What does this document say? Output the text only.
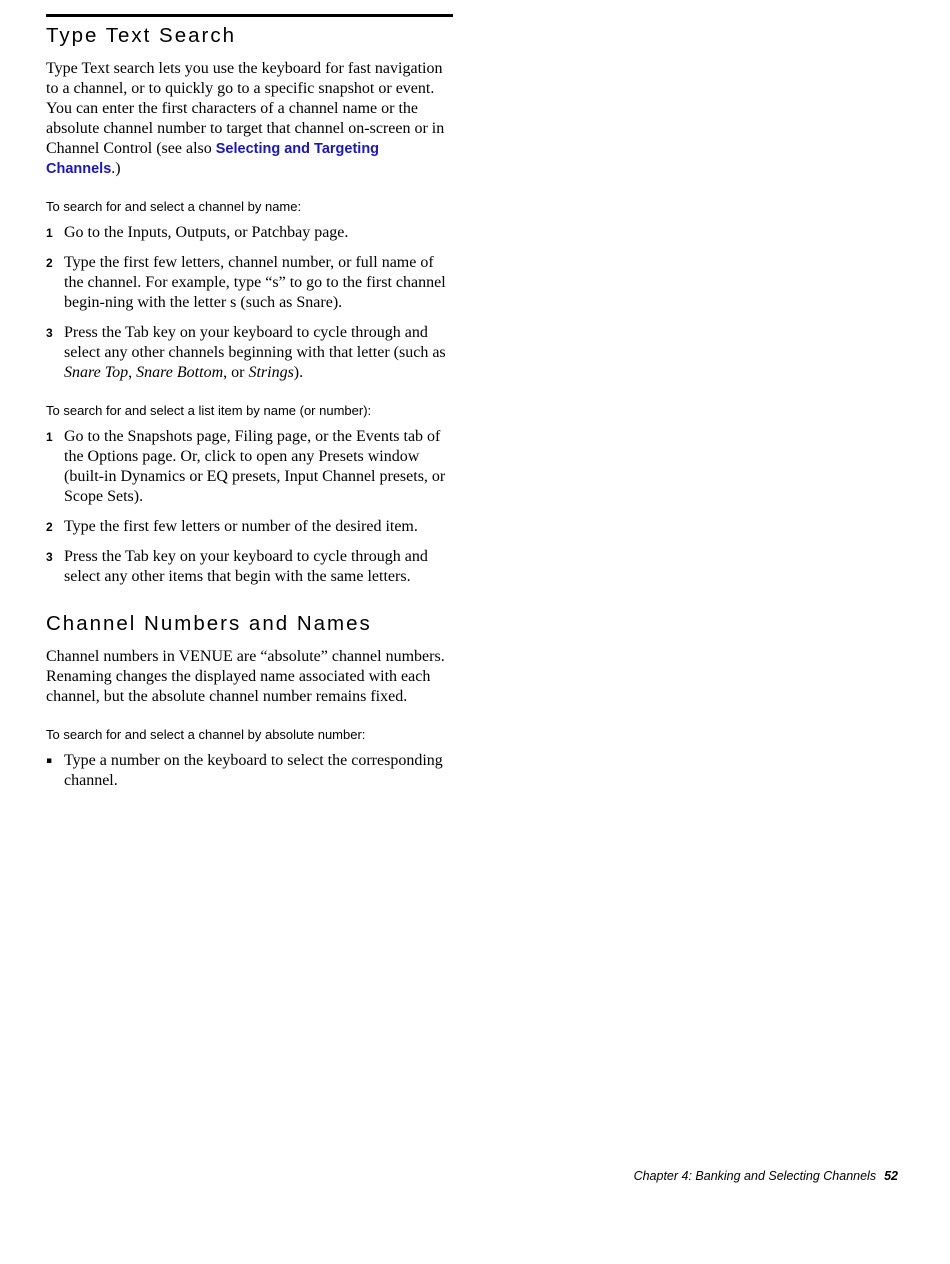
Type Text Search

Type Text search lets you use the keyboard for fast navigation to a channel, or to quickly go to a specific snapshot or event. You can enter the first characters of a channel name or the absolute channel number to target that channel on-screen or in Channel Control (see also Selecting and Targeting Channels.)

To search for and select a channel by name:
1 Go to the Inputs, Outputs, or Patchbay page.
2 Type the first few letters, channel number, or full name of the channel. For example, type “s” to go to the first channel begin-ning with the letter s (such as Snare).
3 Press the Tab key on your keyboard to cycle through and select any other channels beginning with that letter (such as Snare Top, Snare Bottom, or Strings).
To search for and select a list item by name (or number):
1 Go to the Snapshots page, Filing page, or the Events tab of the Options page. Or, click to open any Presets window (built-in Dynamics or EQ presets, Input Channel presets, or Scope Sets).
2 Type the first few letters or number of the desired item.
3 Press the Tab key on your keyboard to cycle through and select any other items that begin with the same letters.
Channel Numbers and Names

Channel numbers in VENUE are “absolute” channel numbers. Renaming changes the displayed name associated with each channel, but the absolute channel number remains fixed.

To search for and select a channel by absolute number:
▪ Type a number on the keyboard to select the corresponding channel.
Chapter 4: Banking and Selecting Channels 52
